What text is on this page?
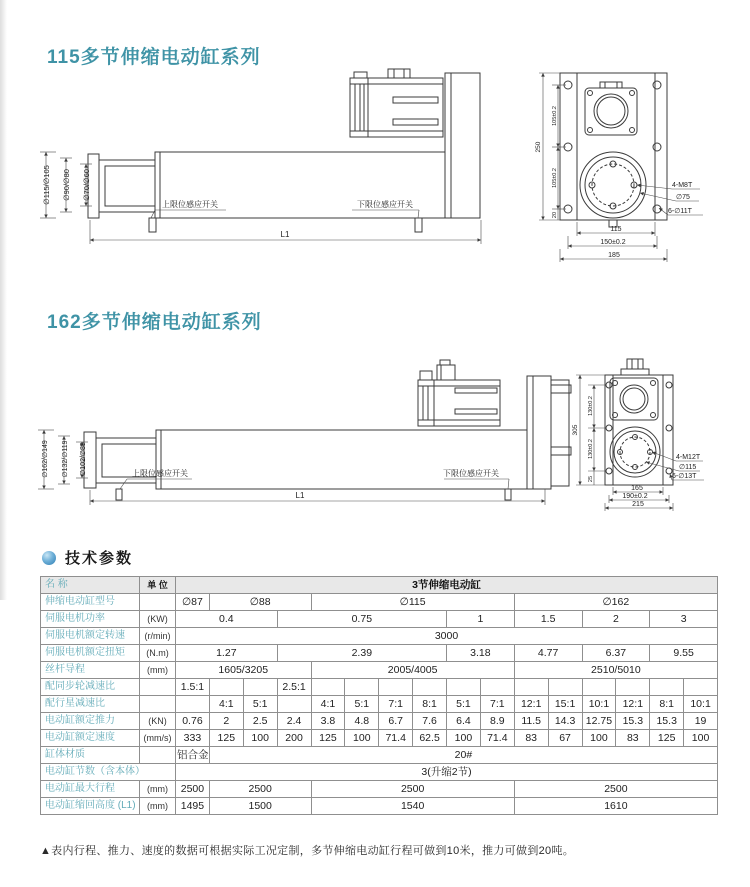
115多节伸缩电动缸系列
∅115/∅105 ∅90/∅80 ∅70/∅60
上限位感应开关	下限位感应开关
L1
250
105±0.2
105±0.2
20
4-M8T
∅75
6-∅11T
115
150±0.2
185
162多节伸缩电动缸系列
∅162/∅149 ∅132/∅119 ∅102/∅89	上限位感应开关	下限位感应开关
L1
305
130±0.2
130±0.2
25
4-M12T
∅115
6-∅13T
165
190±0.2
215
技术参数
名 称	单 位	3节伸缩电动缸															
伸缩电动缸型号		∅87	∅88			∅115						∅162					
伺服电机功率	(KW)	0.4			0.75					1		1.5		2		3	
伺服电机额定转速	(r/min)	3000															
伺服电机额定扭矩	(N.m)	1.27			2.39					3.18		4.77		6.37		9.55	
丝杆导程	(mm)	1605/3205				2005/4005						2510/5010					
配同步轮减速比		1.5:1			2.5:1												
配行星减速比			4:1	5:1		4:1	5:1	7:1	8:1	5:1	7:1	12:1	15:1	10:1	12:1	8:1	10:1
电动缸额定推力	(KN)	0.76	2	2.5	2.4	3.8	4.8	6.7	7.6	6.4	8.9	11.5	14.3	12.75	15.3	15.3	19
电动缸额定速度	(mm/s)	333	125	100	200	125	100	71.4	62.5	100	71.4	83	67	100	83	125	100
缸体材质		铝合金	20#														
电动缸节数（含本体）		3(升缩2节)															
电动缸最大行程	(mm)	2500	2500			2500						2500					
电动缸缩回高度 (L1)	(mm)	1495	1500			1540						1610					
▲表内行程、推力、速度的数据可根据实际工况定制，多节伸缩电动缸行程可做到10米，推力可做到20吨。
